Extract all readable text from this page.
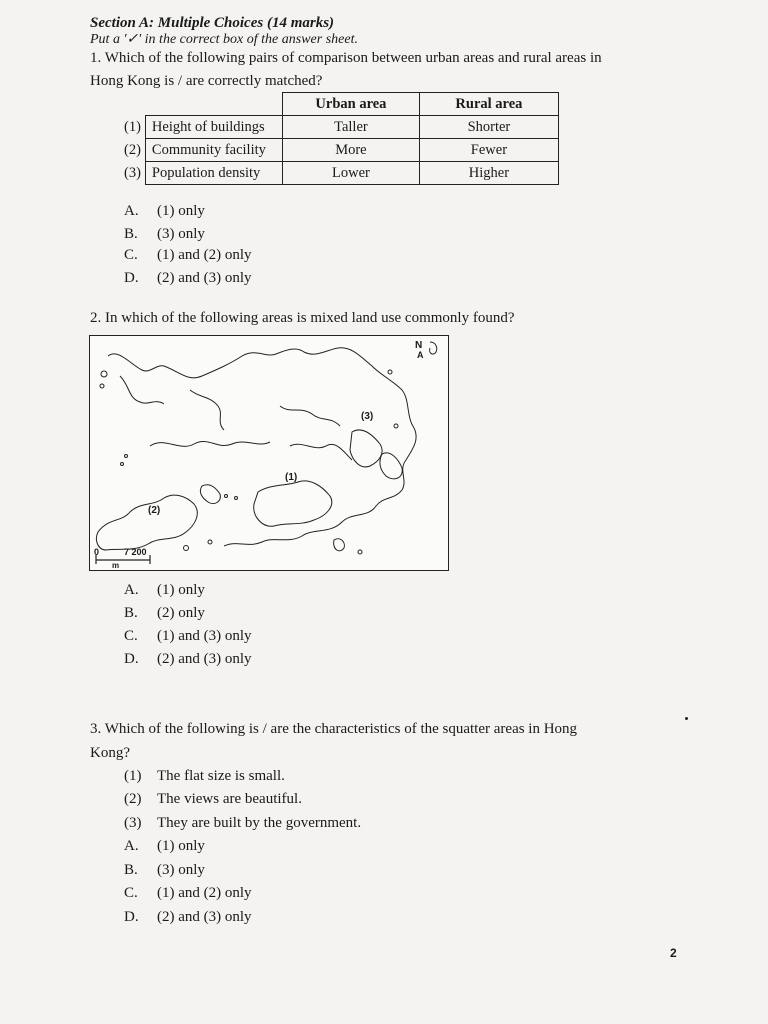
Section A: Multiple Choices (14 marks)
Put a '✓' in the correct box of the answer sheet.
1. Which of the following pairs of comparison between urban areas and rural areas in
Hong Kong is / are correctly matched?
		Urban area	Rural area
(1)	Height of buildings	Taller	Shorter
(2)	Community facility	More	Fewer
(3)	Population density	Lower	Higher
A. (1) only
B. (3) only
C. (1) and (2) only
D. (2) and (3) only
2. In which of the following areas is mixed land use commonly found?
N
A
(1)
(2)
(3)
0	7 200
m
A. (1) only
B. (2) only
C. (1) and (3) only
D. (2) and (3) only
3. Which of the following is / are the characteristics of the squatter areas in Hong
Kong?
(1) The flat size is small.
(2) The views are beautiful.
(3) They are built by the government.
A. (1) only
B. (3) only
C. (1) and (2) only
D. (2) and (3) only
2
